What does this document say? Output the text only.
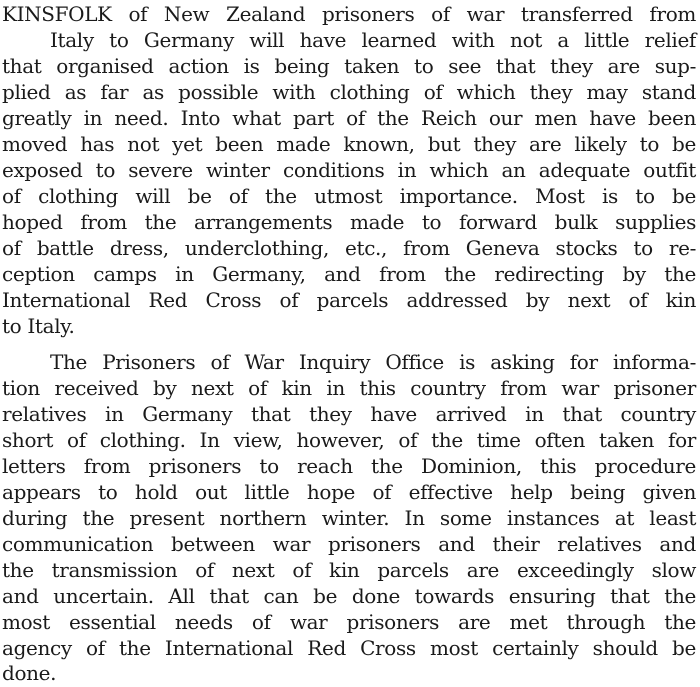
KINSFOLK of New Zealand prisoners of war transferred from
Italy to Germany will have learned with not a little relief
that organised action is being taken to see that they are sup-
plied as far as possible with clothing of which they may stand
greatly in need. Into what part of the Reich our men have been
moved has not yet been made known, but they are likely to be
exposed to severe winter conditions in which an adequate outfit
of clothing will be of the utmost importance. Most is to be
hoped from the arrangements made to forward bulk supplies
of battle dress, underclothing, etc., from Geneva stocks to re-
ception camps in Germany, and from the redirecting by the
International Red Cross of parcels addressed by next of kin
to Italy.
The Prisoners of War Inquiry Office is asking for informa-
tion received by next of kin in this country from war prisoner
relatives in Germany that they have arrived in that country
short of clothing. In view, however, of the time often taken for
letters from prisoners to reach the Dominion, this procedure
appears to hold out little hope of effective help being given
during the present northern winter. In some instances at least
communication between war prisoners and their relatives and
the transmission of next of kin parcels are exceedingly slow
and uncertain. All that can be done towards ensuring that the
most essential needs of war prisoners are met through the
agency of the International Red Cross most certainly should be
done.
